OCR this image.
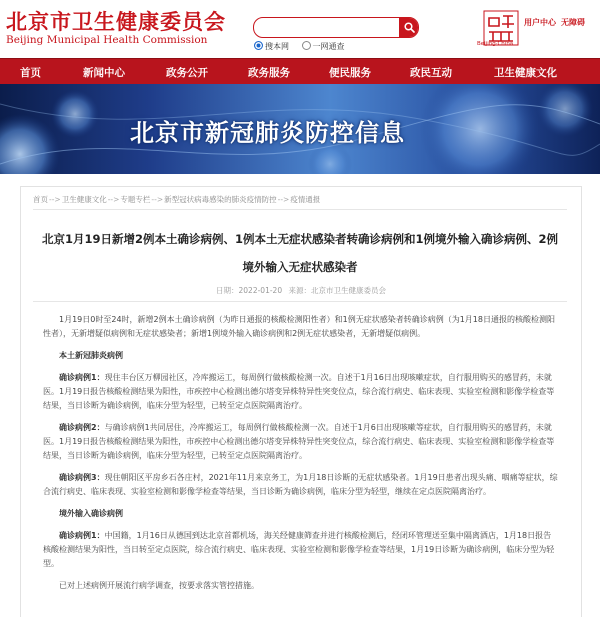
北京市卫生健康委员会
Beijing Municipal Health Commission
搜本网	一网通查	Beijing·China
用户中心 无障碍
首页	新闻中心	政务公开	政务服务	便民服务	政民互动	卫生健康文化
北京市新冠肺炎防控信息
首页-->卫生健康文化-->专题专栏-->新型冠状病毒感染的肺炎疫情防控-->疫情通报
北京1月19日新增2例本土确诊病例、1例本土无症状感染者转确诊病例和1例境外输入确诊病例、2例境外输入无症状感染者
日期：2022-01-20 来源：北京市卫生健康委员会

1月19日0时至24时，新增2例本土确诊病例（为昨日通报的核酸检测阳性者）和1例无症状感染者转确诊病例（为1月18日通报的核酸检测阳性者），无新增疑似病例和无症状感染者；新增1例境外输入确诊病例和2例无症状感染者，无新增疑似病例。

本土新冠肺炎病例

确诊病例1：现住丰台区万柳园社区，冷库搬运工，每周例行做核酸检测一次。自述于1月16日出现咳嗽症状，自行服用购买的感冒药，未就医。1月19日报告核酸检测结果为阳性，市疾控中心检测出德尔塔变异株特异性突变位点，综合流行病史、临床表现、实验室检测和影像学检查等结果，当日诊断为确诊病例，临床分型为轻型，已转至定点医院隔离治疗。

确诊病例2：与确诊病例1共同居住，冷库搬运工，每周例行做核酸检测一次。自述于1月6日出现咳嗽等症状，自行服用购买的感冒药，未就医。1月19日报告核酸检测结果为阳性，市疾控中心检测出德尔塔变异株特异性突变位点，综合流行病史、临床表现、实验室检测和影像学检查等结果，当日诊断为确诊病例，临床分型为轻型，已转至定点医院隔离治疗。

确诊病例3：现住朝阳区平房乡石各庄村，2021年11月来京务工，为1月18日诊断的无症状感染者。1月19日患者出现头痛、咽痛等症状，综合流行病史、临床表现、实验室检测和影像学检查等结果，当日诊断为确诊病例，临床分型为轻型，继续在定点医院隔离治疗。

境外输入确诊病例

确诊病例1：中国籍，1月16日从德国到达北京首都机场，海关经健康筛查并进行核酸检测后，经闭环管理送至集中隔离酒店，1月18日报告核酸检测结果为阳性，当日转至定点医院，综合流行病史、临床表现、实验室检测和影像学检查等结果，1月19日诊断为确诊病例，临床分型为轻型。

已对上述病例开展流行病学调查，按要求落实管控措施。
